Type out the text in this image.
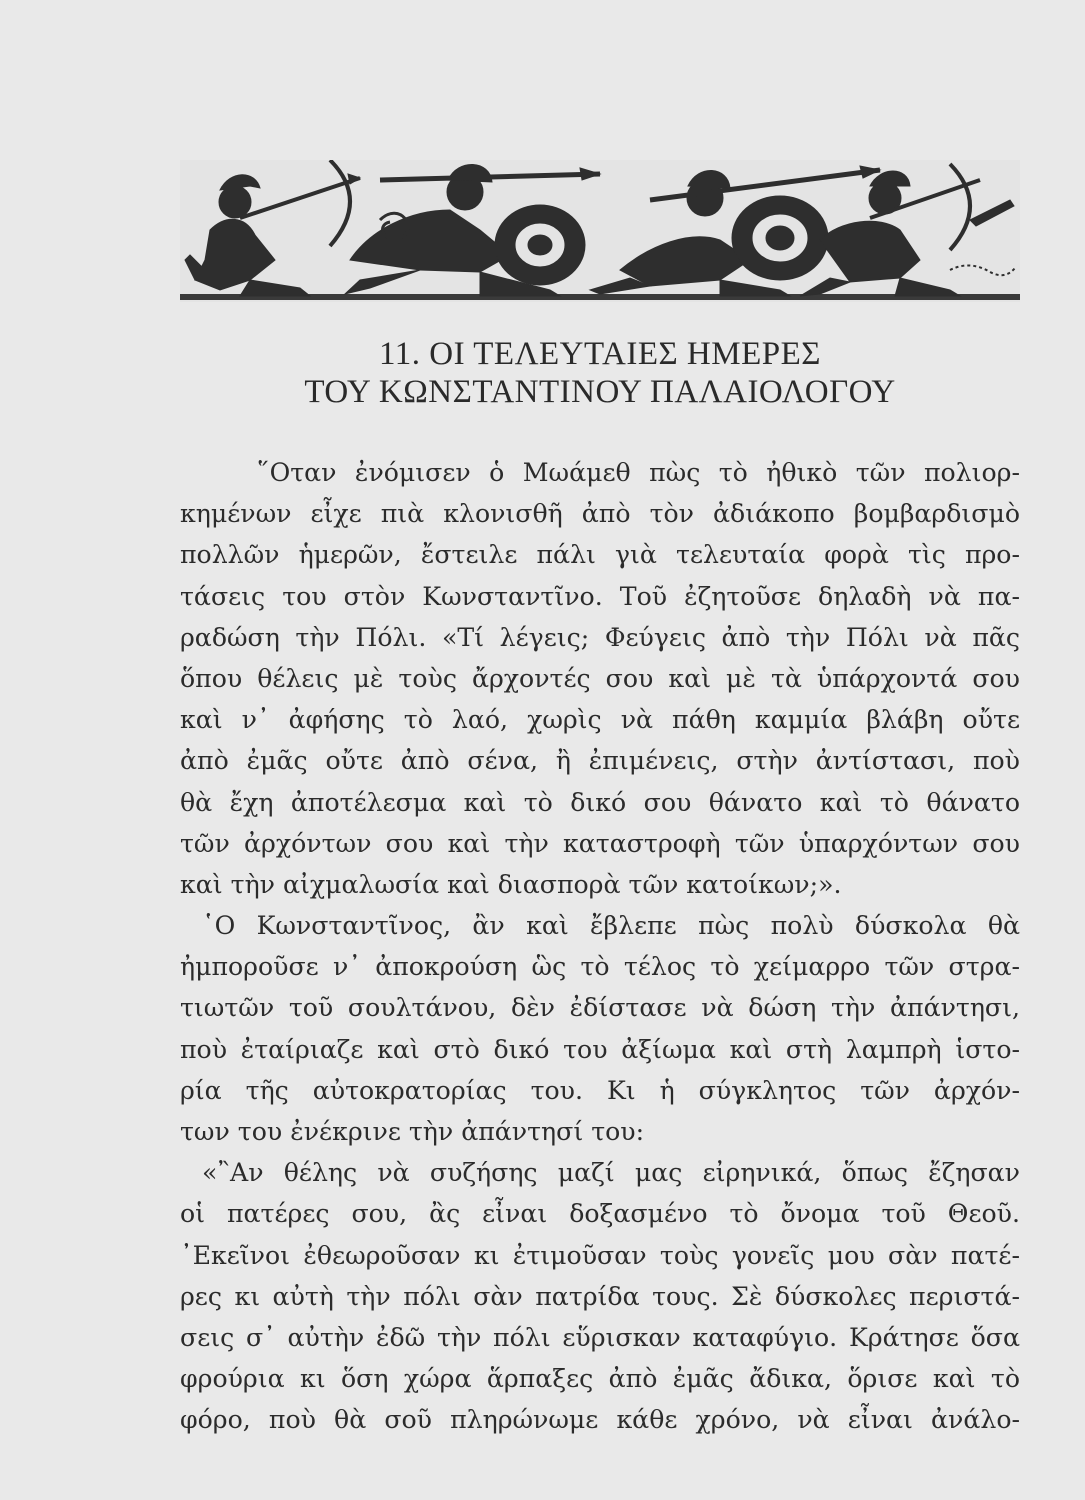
11. ΟΙ ΤΕΛΕΥΤΑΙΕΣ ΗΜΕΡΕΣ
ΤΟΥ ΚΩΝΣΤΑΝΤΙΝΟΥ ΠΑΛΑΙΟΛΟΓΟΥ
῞Οταν ἐνόμισεν ὁ Μωάμεθ πὼς τὸ ἠθικὸ τῶν πολιορ-
κημένων εἶχε πιὰ κλονισθῆ ἀπὸ τὸν ἀδιάκοπο βομβαρδισμὸ
πολλῶν ἡμερῶν, ἔστειλε πάλι γιὰ τελευταία φορὰ τὶς προ-
τάσεις του στὸν Κωνσταντῖνο. Τοῦ ἐζητοῦσε δηλαδὴ νὰ πα-
ραδώση τὴν Πόλι. «Τί λέγεις; Φεύγεις ἀπὸ τὴν Πόλι νὰ πᾶς
ὅπου θέλεις μὲ τοὺς ἄρχοντές σου καὶ μὲ τὰ ὑπάρχοντά σου
καὶ ν᾽ ἀφήσης τὸ λαό, χωρὶς νὰ πάθη καμμία βλάβη οὔτε
ἀπὸ ἐμᾶς οὔτε ἀπὸ σένα, ἢ ἐπιμένεις, στὴν ἀντίστασι, ποὺ
θὰ ἔχη ἀποτέλεσμα καὶ τὸ δικό σου θάνατο καὶ τὸ θάνατο
τῶν ἀρχόντων σου καὶ τὴν καταστροφὴ τῶν ὑπαρχόντων σου
καὶ τὴν αἰχμαλωσία καὶ διασπορὰ τῶν κατοίκων;».
῾Ο Κωνσταντῖνος, ἂν καὶ ἔβλεπε πὼς πολὺ δύσκολα θὰ
ἠμποροῦσε ν᾽ ἀποκρούση ὣς τὸ τέλος τὸ χείμαρρο τῶν στρα-
τιωτῶν τοῦ σουλτάνου, δὲν ἐδίστασε νὰ δώση τὴν ἀπάντησι,
ποὺ ἐταίριαζε καὶ στὸ δικό του ἀξίωμα καὶ στὴ λαμπρὴ ἱστο-
ρία τῆς αὐτοκρατορίας του. Κι ἡ σύγκλητος τῶν ἀρχόν-
των του ἐνέκρινε τὴν ἀπάντησί του:
«῍Αν θέλης νὰ συζήσης μαζί μας εἰρηνικά, ὅπως ἔζησαν
οἱ πατέρες σου, ἂς εἶναι δοξασμένο τὸ ὄνομα τοῦ Θεοῦ.
᾽Εκεῖνοι ἐθεωροῦσαν κι ἐτιμοῦσαν τοὺς γονεῖς μου σὰν πατέ-
ρες κι αὐτὴ τὴν πόλι σὰν πατρίδα τους. Σὲ δύσκολες περιστά-
σεις σ᾽ αὐτὴν ἐδῶ τὴν πόλι εὕρισκαν καταφύγιο. Κράτησε ὅσα
φρούρια κι ὅση χώρα ἅρπαξες ἀπὸ ἐμᾶς ἄδικα, ὅρισε καὶ τὸ
φόρο, ποὺ θὰ σοῦ πληρώνωμε κάθε χρόνο, νὰ εἶναι ἀνάλο-
